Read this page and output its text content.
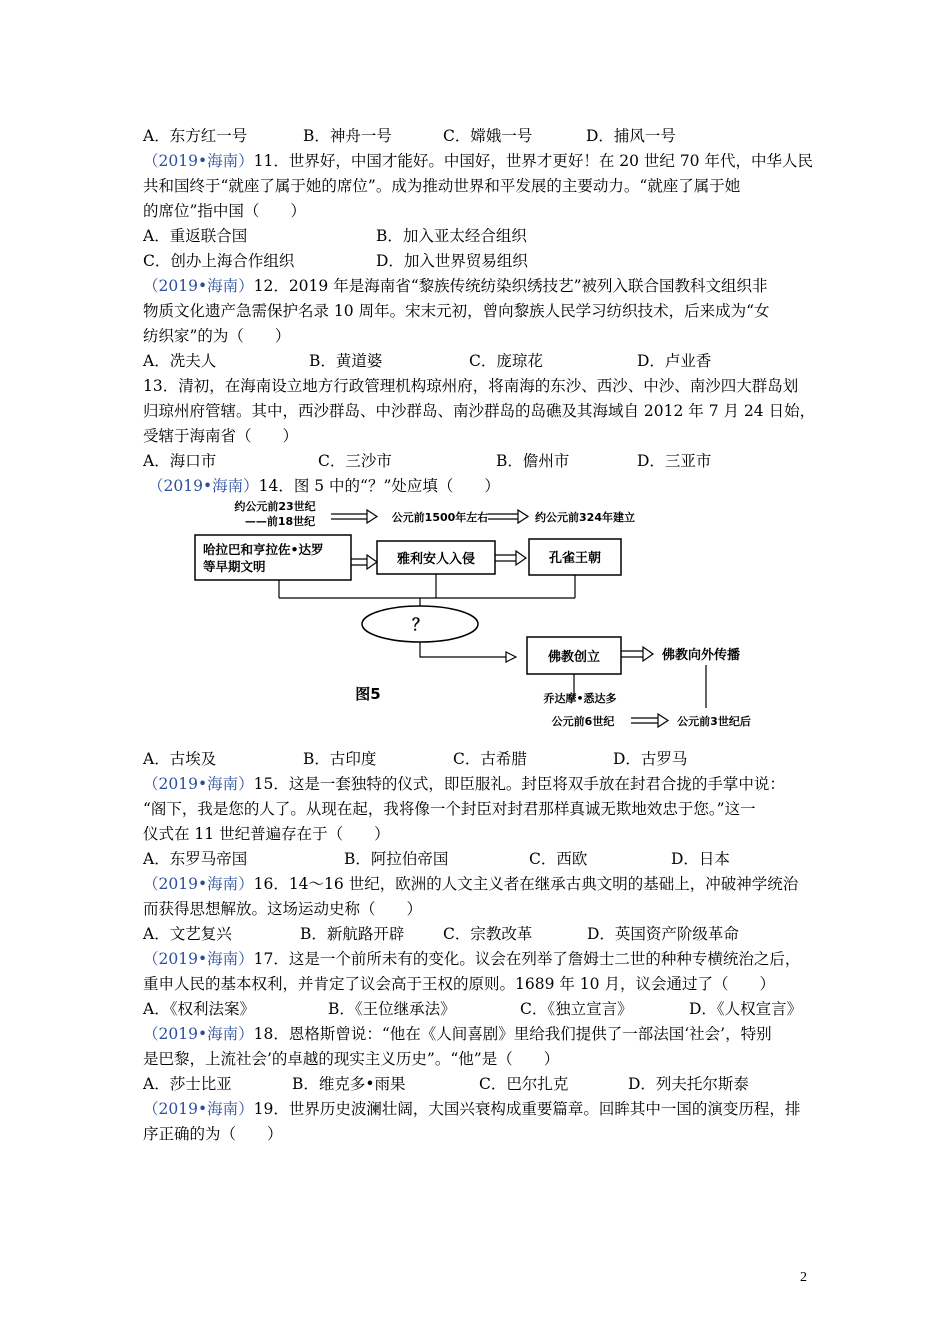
A．东方红一号	B．神舟一号	C．嫦娥一号	D．捕风一号
（2019•海南）11．世界好，中国才能好。中国好，世界才更好！在 20 世纪 70 年代，中华人民
共和国终于“就座了属于她的席位”。成为推动世界和平发展的主要动力。“就座了属于她
的席位”指中国（　　）
A．重返联合国	B．加入亚太经合组织
C．创办上海合作组织	D．加入世界贸易组织
（2019•海南）12．2019 年是海南省“黎族传统纺染织绣技艺”被列入联合国教科文组织非
物质文化遗产急需保护名录 10 周年。宋末元初，曾向黎族人民学习纺织技术，后来成为“女
纺织家”的为（　　）
A．冼夫人	B．黄道婆	C．庞琼花	D．卢业香
13．清初，在海南设立地方行政管理机构琼州府，将南海的东沙、西沙、中沙、南沙四大群岛划
归琼州府管辖。其中，西沙群岛、中沙群岛、南沙群岛的岛礁及其海域自 2012 年 7 月 24 日始，
受辖于海南省（　　）
A．海口市	C．三沙市	B．儋州市	D．三亚市
（2019•海南）14．图 5 中的“？”处应填（　　）
约公元前23世纪
——前18世纪	公元前1500年左右	约公元前324年建立
哈拉巴和亨拉佐•达罗
等早期文明	雅利安人入侵	孔雀王朝
？
佛教创立	佛教向外传播
图5	乔达摩•悉达多
公元前6世纪	公元前3世纪后
A．古埃及	B．古印度	C．古希腊	D．古罗马
（2019•海南）15．这是一套独特的仪式，即臣服礼。封臣将双手放在封君合拢的手掌中说：
“阁下，我是您的人了。从现在起，我将像一个封臣对封君那样真诚无欺地效忠于您。”这一
仪式在 11 世纪普遍存在于（　　）
A．东罗马帝国	B．阿拉伯帝国	C．西欧	D．日本
（2019•海南）16．14～16 世纪，欧洲的人文主义者在继承古典文明的基础上，冲破神学统治
而获得思想解放。这场运动史称（　　）
A．文艺复兴	B．新航路开辟	C．宗教改革	D．英国资产阶级革命
（2019•海南）17．这是一个前所未有的变化。议会在列举了詹姆士二世的种种专横统治之后，
重申人民的基本权利，并肯定了议会高于王权的原则。1689 年 10 月，议会通过了（　　）
A．《权利法案》	B．《王位继承法》	C．《独立宣言》	D．《人权宣言》
（2019•海南）18．恩格斯曾说：“他在《人间喜剧》里给我们提供了一部法国‘社会’，特别
是巴黎，上流社会’的卓越的现实主义历史”。“他”是（　　）
A．莎士比亚	B．维克多•雨果	C．巴尔扎克	D．列夫托尔斯泰
（2019•海南）19．世界历史波澜壮阔，大国兴衰构成重要篇章。回眸其中一国的演变历程，排
序正确的为（　　）
2
